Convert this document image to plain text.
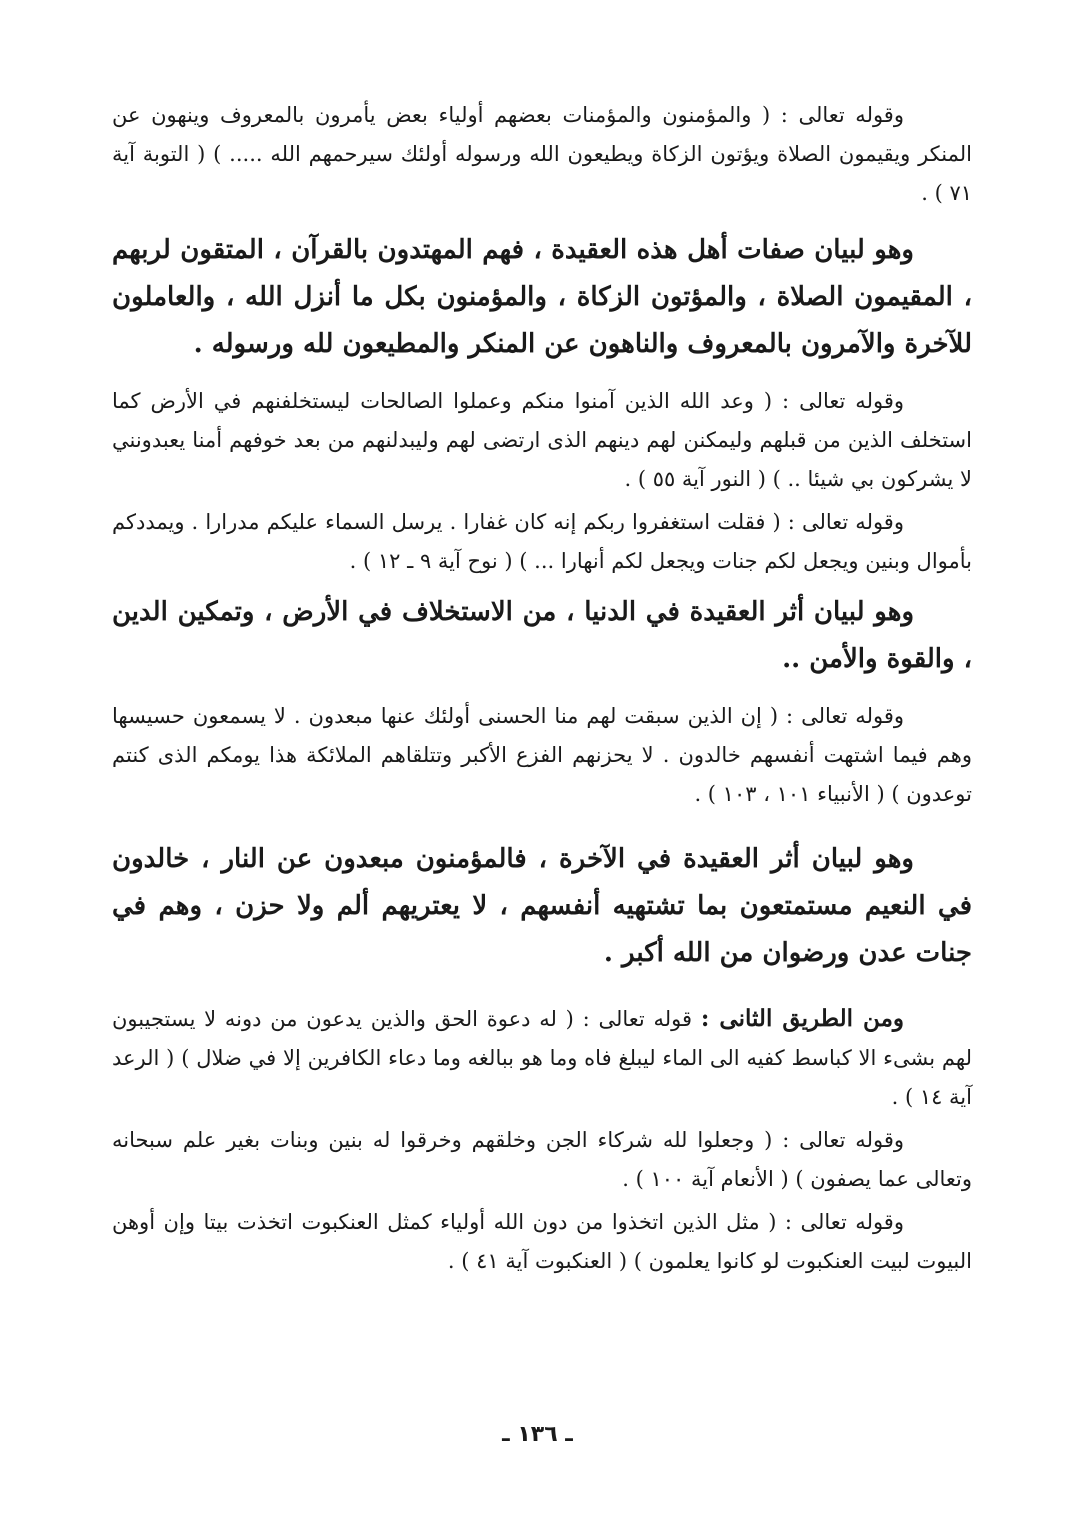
وقوله تعالى : ( والمؤمنون والمؤمنات بعضهم أولياء بعض يأمرون بالمعروف وينهون عن المنكر ويقيمون الصلاة ويؤتون الزكاة ويطيعون الله ورسوله أولئك سيرحمهم الله ..... ) ( التوبة آية ٧١ ) .

وهو لبيان صفات أهل هذه العقيدة ، فهم المهتدون بالقرآن ، المتقون لربهم ، المقيمون الصلاة ، والمؤتون الزكاة ، والمؤمنون بكل ما أنزل الله ، والعاملون للآخرة والآمرون بالمعروف والناهون عن المنكر والمطيعون لله ورسوله .

وقوله تعالى : ( وعد الله الذين آمنوا منكم وعملوا الصالحات ليستخلفنهم في الأرض كما استخلف الذين من قبلهم وليمكنن لهم دينهم الذى ارتضى لهم وليبدلنهم من بعد خوفهم أمنا يعبدونني لا يشركون بي شيئا .. ) ( النور آية ٥٥ ) .

وقوله تعالى : ( فقلت استغفروا ربكم إنه كان غفارا . يرسل السماء عليكم مدرارا . ويمددكم بأموال وبنين ويجعل لكم جنات ويجعل لكم أنهارا ... ) ( نوح آية ٩ ـ ١٢ ) .

وهو لبيان أثر العقيدة في الدنيا ، من الاستخلاف في الأرض ، وتمكين الدين ، والقوة والأمن ..

وقوله تعالى : ( إن الذين سبقت لهم منا الحسنى أولئك عنها مبعدون . لا يسمعون حسيسها وهم فيما اشتهت أنفسهم خالدون . لا يحزنهم الفزع الأكبر وتتلقاهم الملائكة هذا يومكم الذى كنتم توعدون ) ( الأنبياء ١٠١ ، ١٠٣ ) .

وهو لبيان أثر العقيدة في الآخرة ، فالمؤمنون مبعدون عن النار ، خالدون في النعيم مستمتعون بما تشتهيه أنفسهم ، لا يعتريهم ألم ولا حزن ، وهم في جنات عدن ورضوان من الله أكبر .

ومن الطريق الثانى : قوله تعالى : ( له دعوة الحق والذين يدعون من دونه لا يستجيبون لهم بشىء الا كباسط كفيه الى الماء ليبلغ فاه وما هو ببالغه وما دعاء الكافرين إلا في ضلال ) ( الرعد آية ١٤ ) .

وقوله تعالى : ( وجعلوا لله شركاء الجن وخلقهم وخرقوا له بنين وبنات بغير علم سبحانه وتعالى عما يصفون ) ( الأنعام آية ١٠٠ ) .

وقوله تعالى : ( مثل الذين اتخذوا من دون الله أولياء كمثل العنكبوت اتخذت بيتا وإن أوهن البيوت لبيت العنكبوت لو كانوا يعلمون ) ( العنكبوت آية ٤١ ) .

ـ ١٣٦ ـ
